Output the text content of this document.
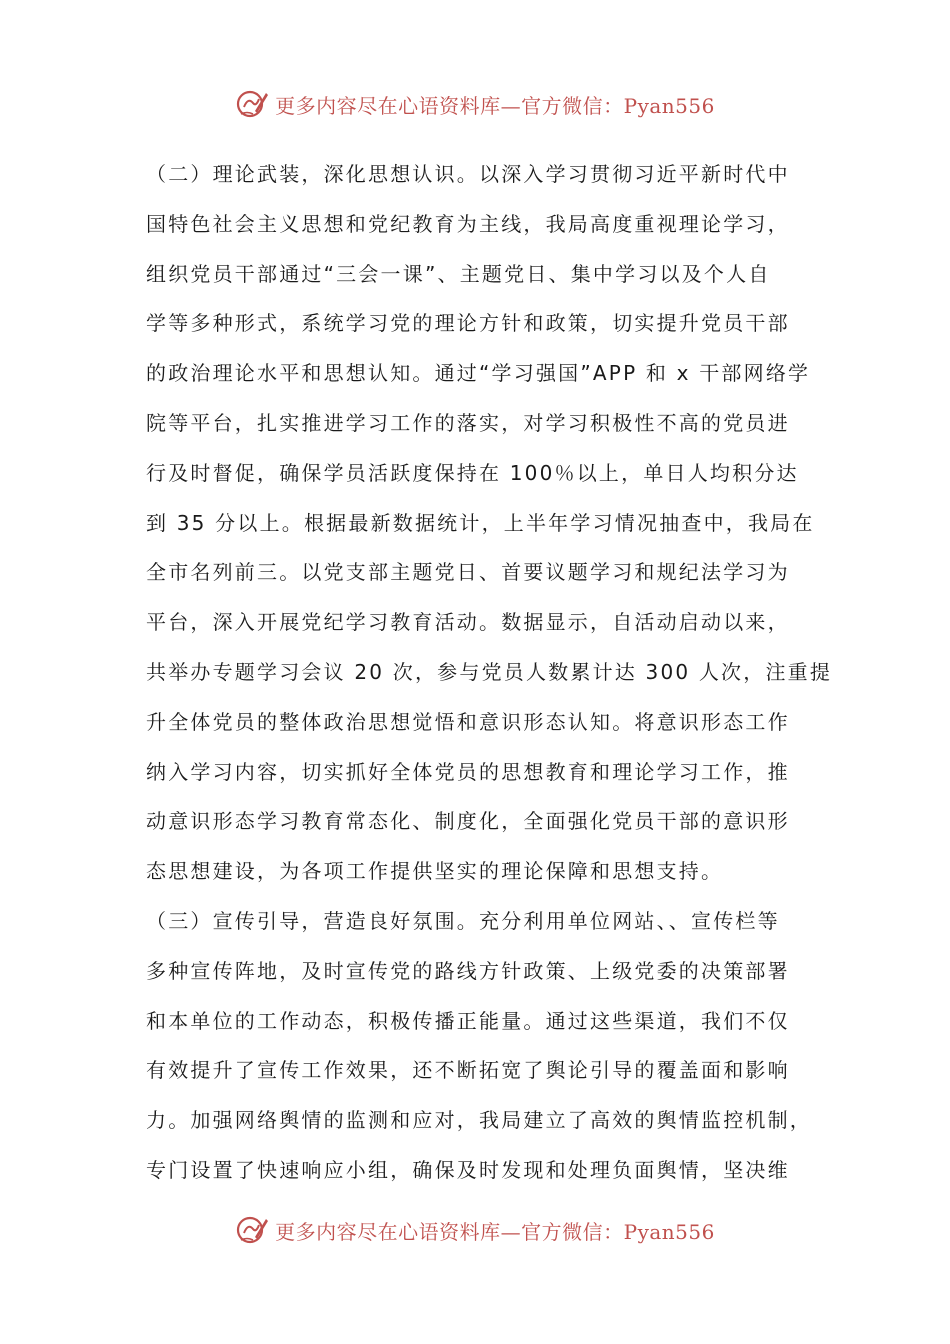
更多内容尽在心语资料库—官方微信：Pyan556
（二）理论武装，深化思想认识。以深入学习贯彻习近平新时代中
国特色社会主义思想和党纪教育为主线，我局高度重视理论学习，
组织党员干部通过“三会一课”、主题党日、集中学习以及个人自
学等多种形式，系统学习党的理论方针和政策，切实提升党员干部
的政治理论水平和思想认知。通过“学习强国”APP 和 x 干部网络学
院等平台，扎实推进学习工作的落实，对学习积极性不高的党员进
行及时督促，确保学员活跃度保持在 100％以上，单日人均积分达
到 35 分以上。根据最新数据统计，上半年学习情况抽查中，我局在
全市名列前三。以党支部主题党日、首要议题学习和规纪法学习为
平台，深入开展党纪学习教育活动。数据显示，自活动启动以来，
共举办专题学习会议 20 次，参与党员人数累计达 300 人次，注重提
升全体党员的整体政治思想觉悟和意识形态认知。将意识形态工作
纳入学习内容，切实抓好全体党员的思想教育和理论学习工作，推
动意识形态学习教育常态化、制度化，全面强化党员干部的意识形
态思想建设，为各项工作提供坚实的理论保障和思想支持。
（三）宣传引导，营造良好氛围。充分利用单位网站、、宣传栏等
多种宣传阵地，及时宣传党的路线方针政策、上级党委的决策部署
和本单位的工作动态，积极传播正能量。通过这些渠道，我们不仅
有效提升了宣传工作效果，还不断拓宽了舆论引导的覆盖面和影响
力。加强网络舆情的监测和应对，我局建立了高效的舆情监控机制，
专门设置了快速响应小组，确保及时发现和处理负面舆情，坚决维
更多内容尽在心语资料库—官方微信：Pyan556
